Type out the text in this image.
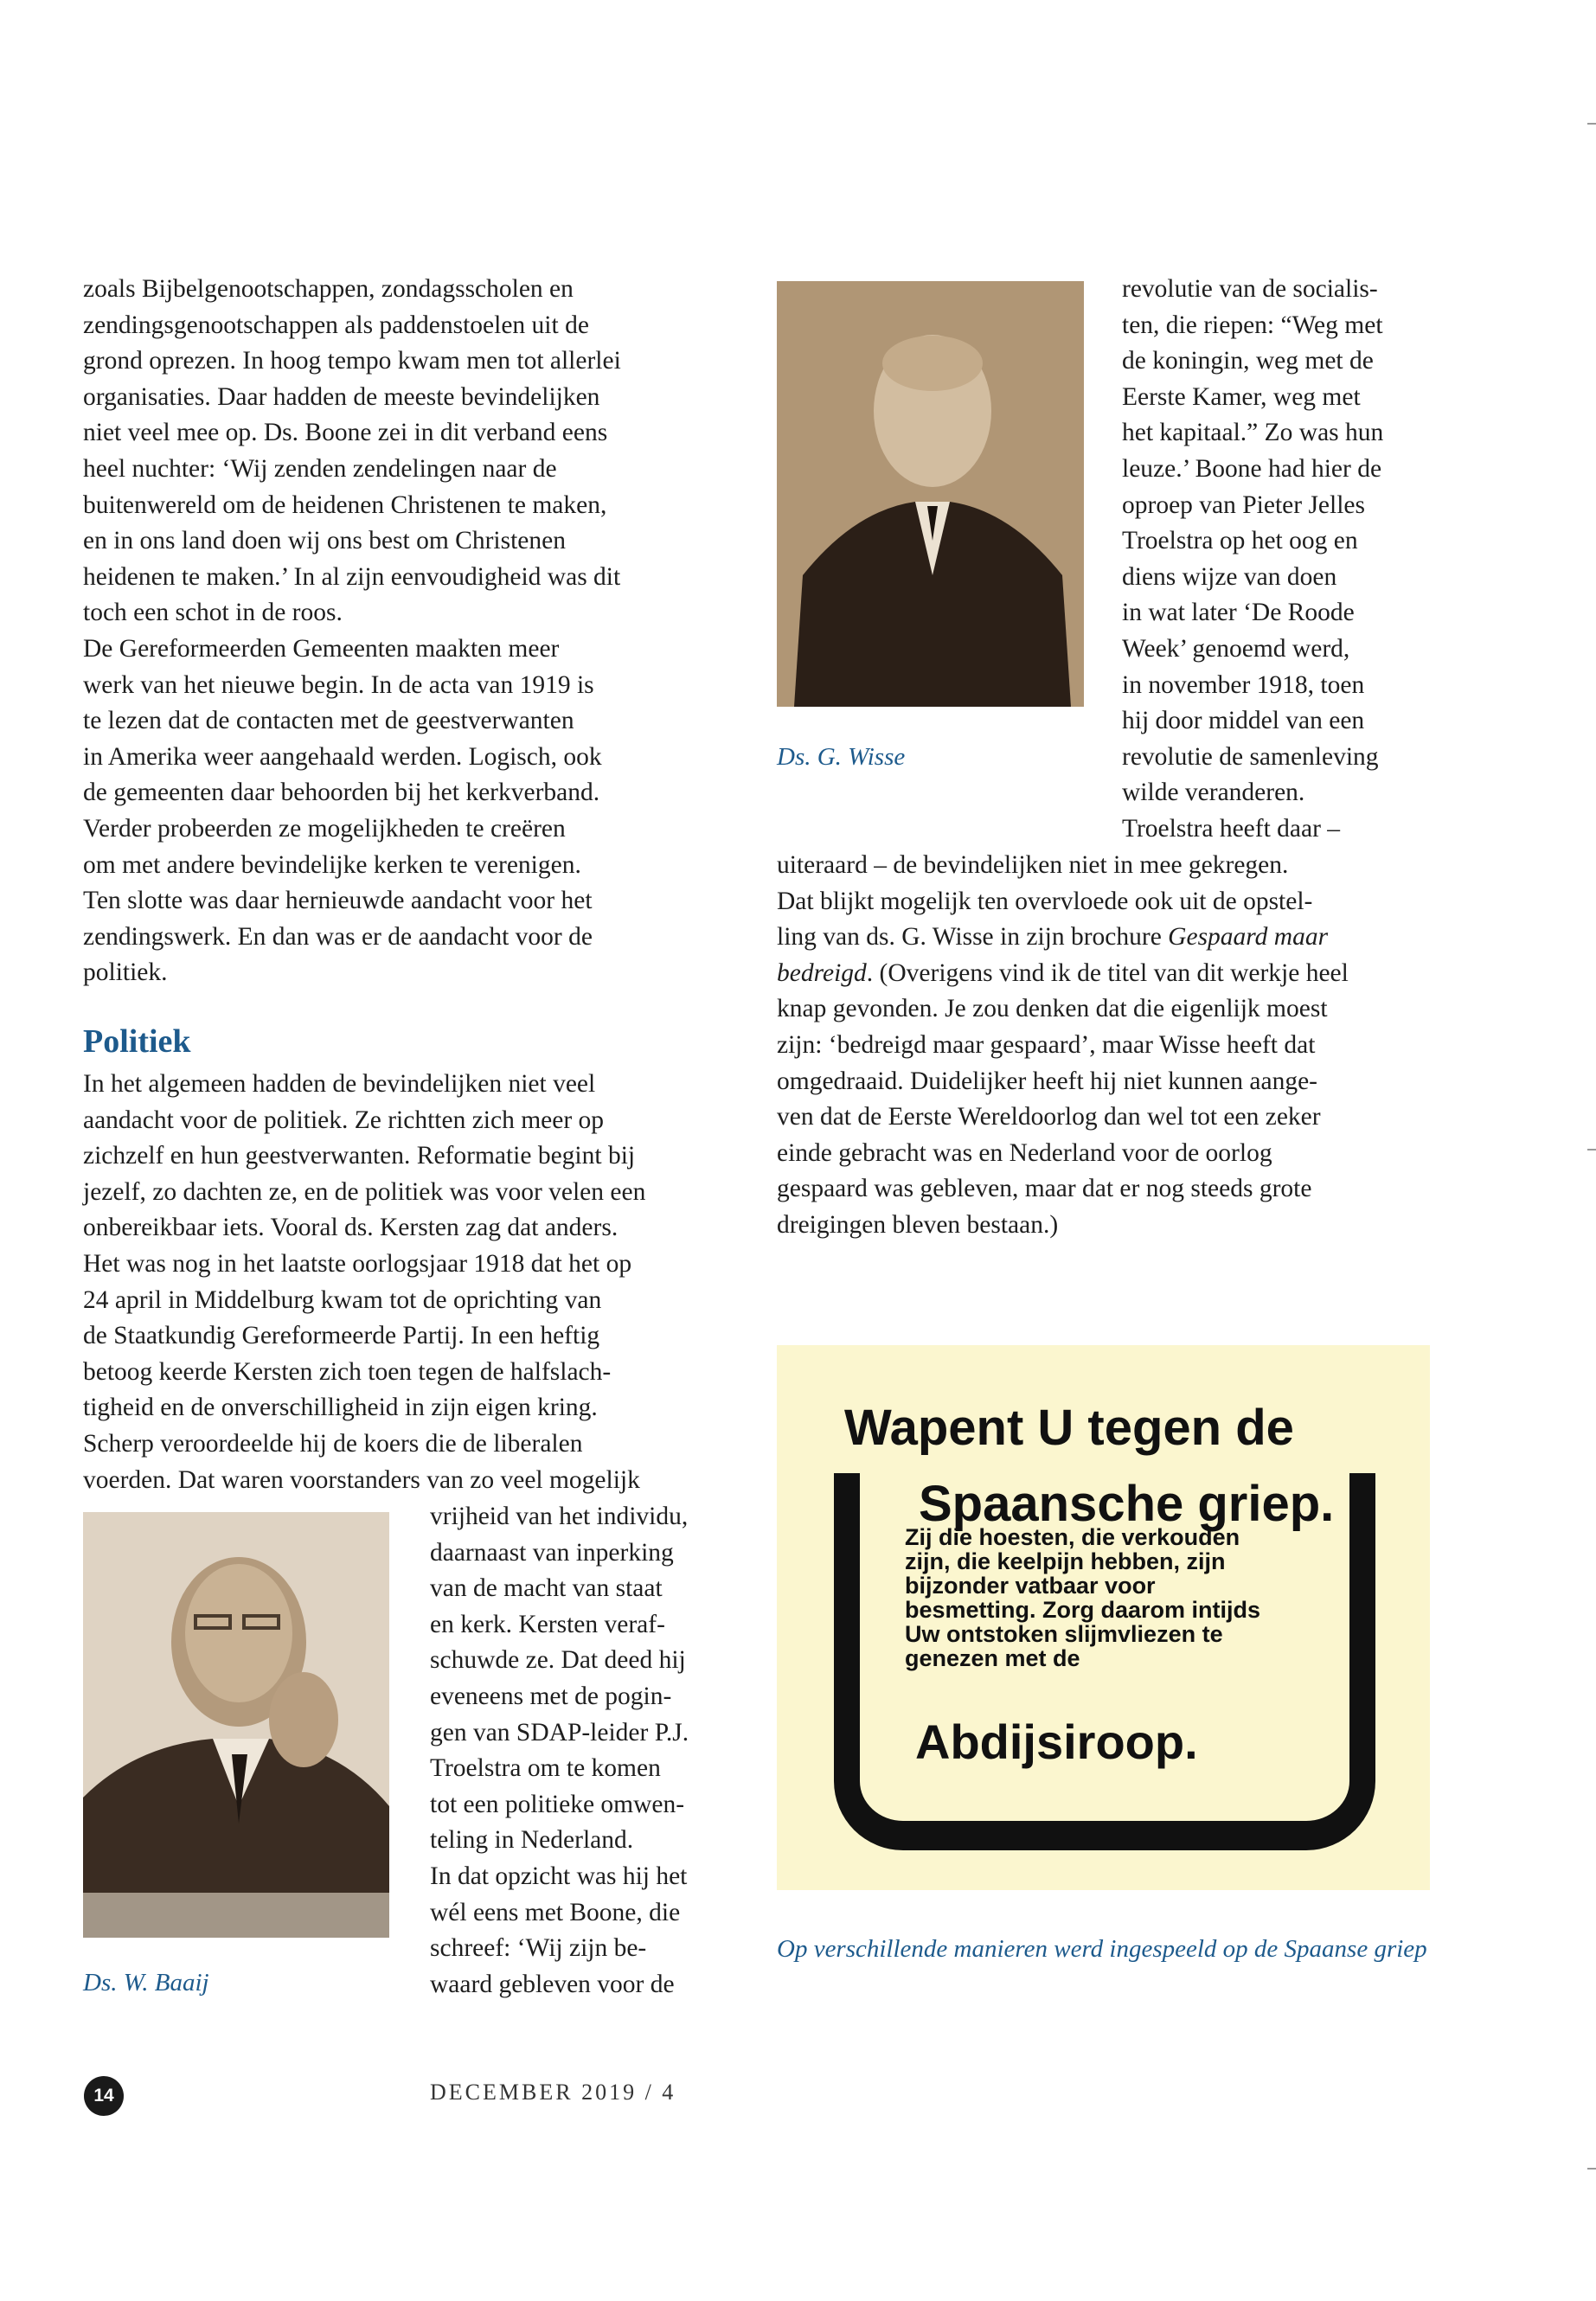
zoals Bijbelgenootschappen, zondagsscholen en
zendingsgenootschappen als paddenstoelen uit de
grond oprezen. In hoog tempo kwam men tot allerlei
organisaties. Daar hadden de meeste bevindelijken
niet veel mee op. Ds. Boone zei in dit verband eens
heel nuchter: ‘Wij zenden zendelingen naar de
buitenwereld om de heidenen Christenen te maken,
en in ons land doen wij ons best om Christenen
heidenen te maken.’ In al zijn eenvoudigheid was dit
toch een schot in de roos.
De Gereformeerden Gemeenten maakten meer
werk van het nieuwe begin. In de acta van 1919 is
te lezen dat de contacten met de geestverwanten
in Amerika weer aangehaald werden. Logisch, ook
de gemeenten daar behoorden bij het kerkverband.
Verder probeerden ze mogelijkheden te creëren
om met andere bevindelijke kerken te verenigen.
Ten slotte was daar hernieuwde aandacht voor het
zendingswerk. En dan was er de aandacht voor de
politiek.
Politiek
In het algemeen hadden de bevindelijken niet veel
aandacht voor de politiek. Ze richtten zich meer op
zichzelf en hun geestverwanten. Reformatie begint bij
jezelf, zo dachten ze, en de politiek was voor velen een
onbereikbaar iets. Vooral ds. Kersten zag dat anders.
Het was nog in het laatste oorlogsjaar 1918 dat het op
24 april in Middelburg kwam tot de oprichting van
de Staatkundig Gereformeerde Partij. In een heftig
betoog keerde Kersten zich toen tegen de halfslach-
tigheid en de onverschilligheid in zijn eigen kring.
Scherp veroordeelde hij de koers die de liberalen
voerden. Dat waren voorstanders van zo veel mogelijk
Ds. W. Baaij
vrijheid van het individu,
daarnaast van inperking
van de macht van staat
en kerk. Kersten veraf-
schuwde ze. Dat deed hij
eveneens met de pogin-
gen van SDAP-leider P.J.
Troelstra om te komen
tot een politieke omwen-
teling in Nederland.
In dat opzicht was hij het
wél eens met Boone, die
schreef: ‘Wij zijn be-
waard gebleven voor de
Ds. G. Wisse
revolutie van de socialis-
ten, die riepen: “Weg met
de koningin, weg met de
Eerste Kamer, weg met
het kapitaal.” Zo was hun
leuze.’ Boone had hier de
oproep van Pieter Jelles
Troelstra op het oog en
diens wijze van doen
in wat later ‘De Roode
Week’ genoemd werd,
in november 1918, toen
hij door middel van een
revolutie de samenleving
wilde veranderen.
Troelstra heeft daar –
uiteraard – de bevindelijken niet in mee gekregen.
Dat blijkt mogelijk ten overvloede ook uit de opstel-
ling van ds. G. Wisse in zijn brochure Gespaard maar
bedreigd. (Overigens vind ik de titel van dit werkje heel
knap gevonden. Je zou denken dat die eigenlijk moest
zijn: ‘bedreigd maar gespaard’, maar Wisse heeft dat
omgedraaid. Duidelijker heeft hij niet kunnen aange-
ven dat de Eerste Wereldoorlog dan wel tot een zeker
einde gebracht was en Nederland voor de oorlog
gespaard was gebleven, maar dat er nog steeds grote
dreigingen bleven bestaan.)
Wapent U tegen de
Spaansche griep.

Zij die hoesten, die verkouden zijn, die keelpijn hebben, zijn bijzonder vatbaar voor besmetting. Zorg daarom intijds Uw ontstoken slijmvliezen te genezen met de

Abdijsiroop.
Op verschillende manieren werd ingespeeld op de Spaanse griep
14	DECEMBER 2019 / 4
